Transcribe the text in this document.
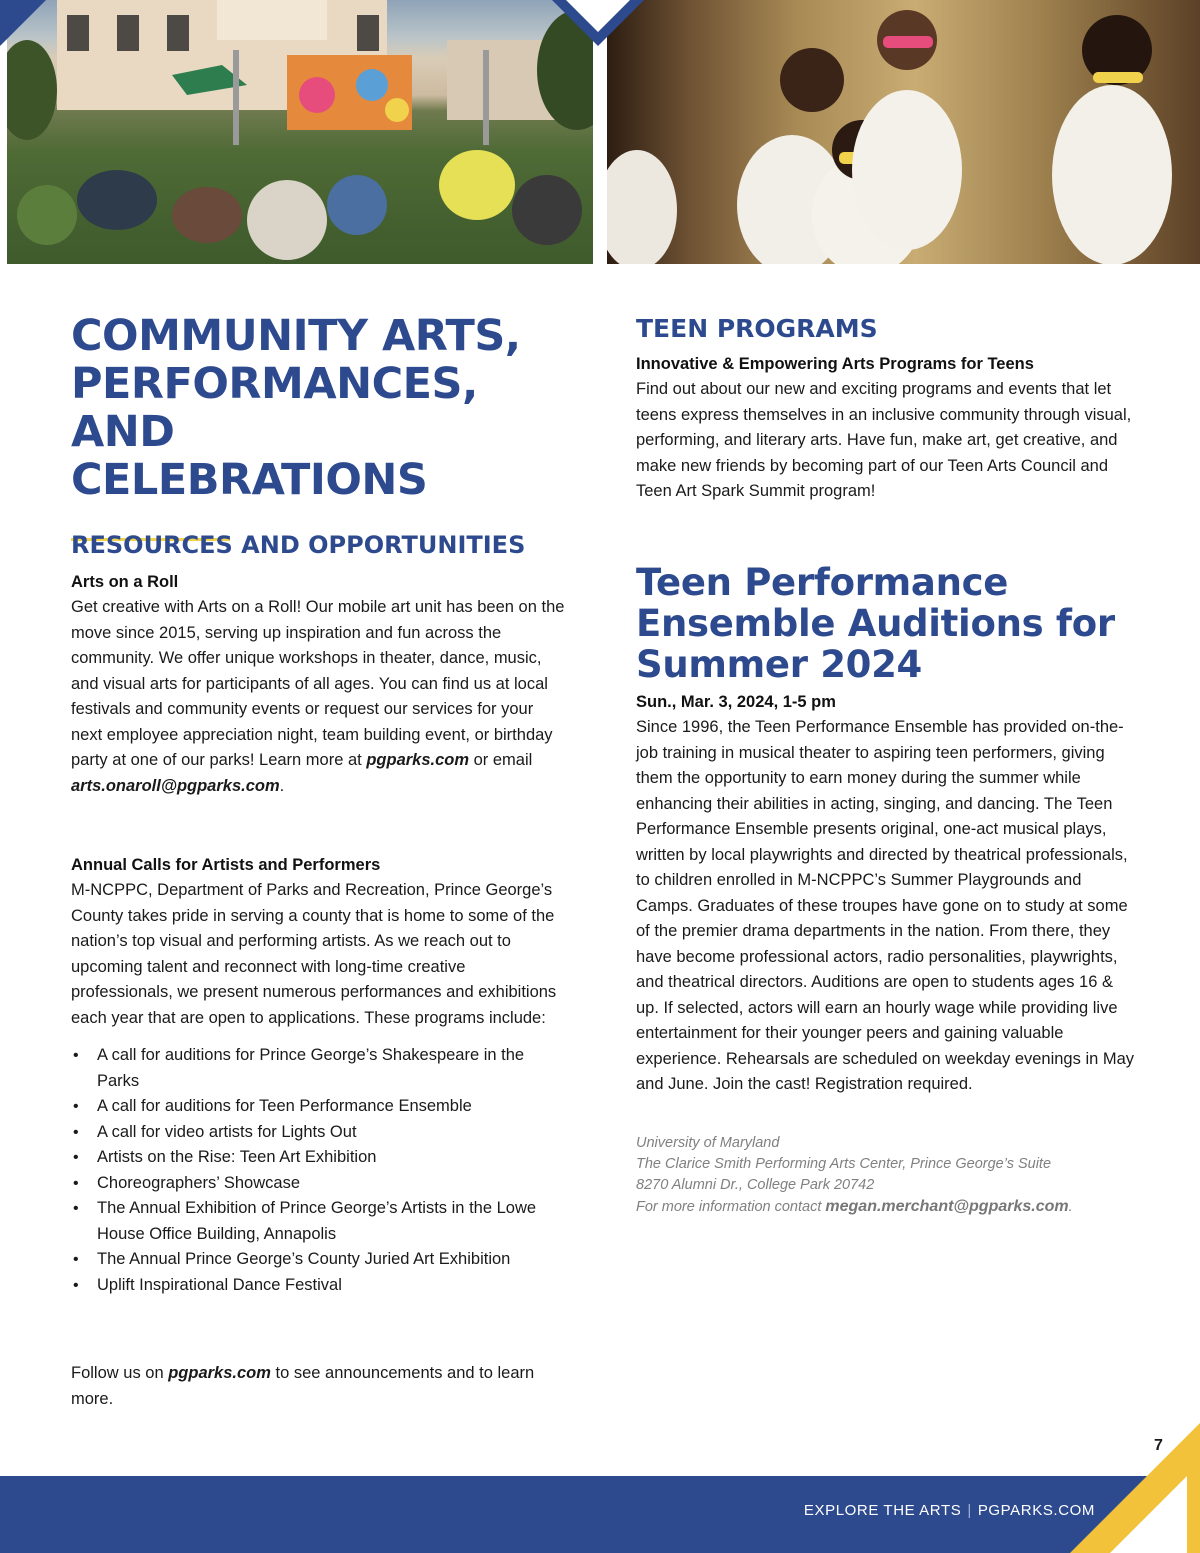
COMMUNITY ARTS,
PERFORMANCES, AND
CELEBRATIONS
RESOURCES AND OPPORTUNITIES
Arts on a Roll

Get creative with Arts on a Roll! Our mobile art unit has been on the move since 2015, serving up inspiration and fun across the community. We offer unique workshops in theater, dance, music, and visual arts for participants of all ages. You can find us at local festivals and community events or request our services for your next employee appreciation night, team building event, or birthday party at one of our parks! Learn more at pgparks.com or email arts.onaroll@pgparks.com.

Annual Calls for Artists and Performers

M-NCPPC, Department of Parks and Recreation, Prince George’s County takes pride in serving a county that is home to some of the nation’s top visual and performing artists. As we reach out to upcoming talent and reconnect with long-time creative professionals, we present numerous performances and exhibitions each year that are open to applications. These programs include:

• A call for auditions for Prince George’s Shakespeare in the Parks
• A call for auditions for Teen Performance Ensemble
• A call for video artists for Lights Out
• Artists on the Rise: Teen Art Exhibition
• Choreographers’ Showcase
• The Annual Exhibition of Prince George’s Artists in the Lowe House Office Building, Annapolis
• The Annual Prince George’s County Juried Art Exhibition
• Uplift Inspirational Dance Festival

Follow us on pgparks.com to see announcements and to learn more.

TEEN PROGRAMS
Innovative & Empowering Arts Programs for Teens

Find out about our new and exciting programs and events that let teens express themselves in an inclusive community through visual, performing, and literary arts. Have fun, make art, get creative, and make new friends by becoming part of our Teen Arts Council and Teen Art Spark Summit program!

Teen Performance
Ensemble Auditions for
Summer 2024
Sun., Mar. 3, 2024, 1-5 pm

Since 1996, the Teen Performance Ensemble has provided on-the-job training in musical theater to aspiring teen performers, giving them the opportunity to earn money during the summer while enhancing their abilities in acting, singing, and dancing. The Teen Performance Ensemble presents original, one-act musical plays, written by local playwrights and directed by theatrical professionals, to children enrolled in M-NCPPC’s Summer Playgrounds and Camps. Graduates of these troupes have gone on to study at some of the premier drama departments in the nation. From there, they have become professional actors, radio personalities, playwrights, and theatrical directors. Auditions are open to students ages 16 & up. If selected, actors will earn an hourly wage while providing live entertainment for their younger peers and gaining valuable experience. Rehearsals are scheduled on weekday evenings in May and June. Join the cast! Registration required.

University of Maryland
The Clarice Smith Performing Arts Center, Prince George’s Suite
8270 Alumni Dr., College Park 20742
For more information contact megan.merchant@pgparks.com.
7
EXPLORE THE ARTS | PGPARKS.COM
